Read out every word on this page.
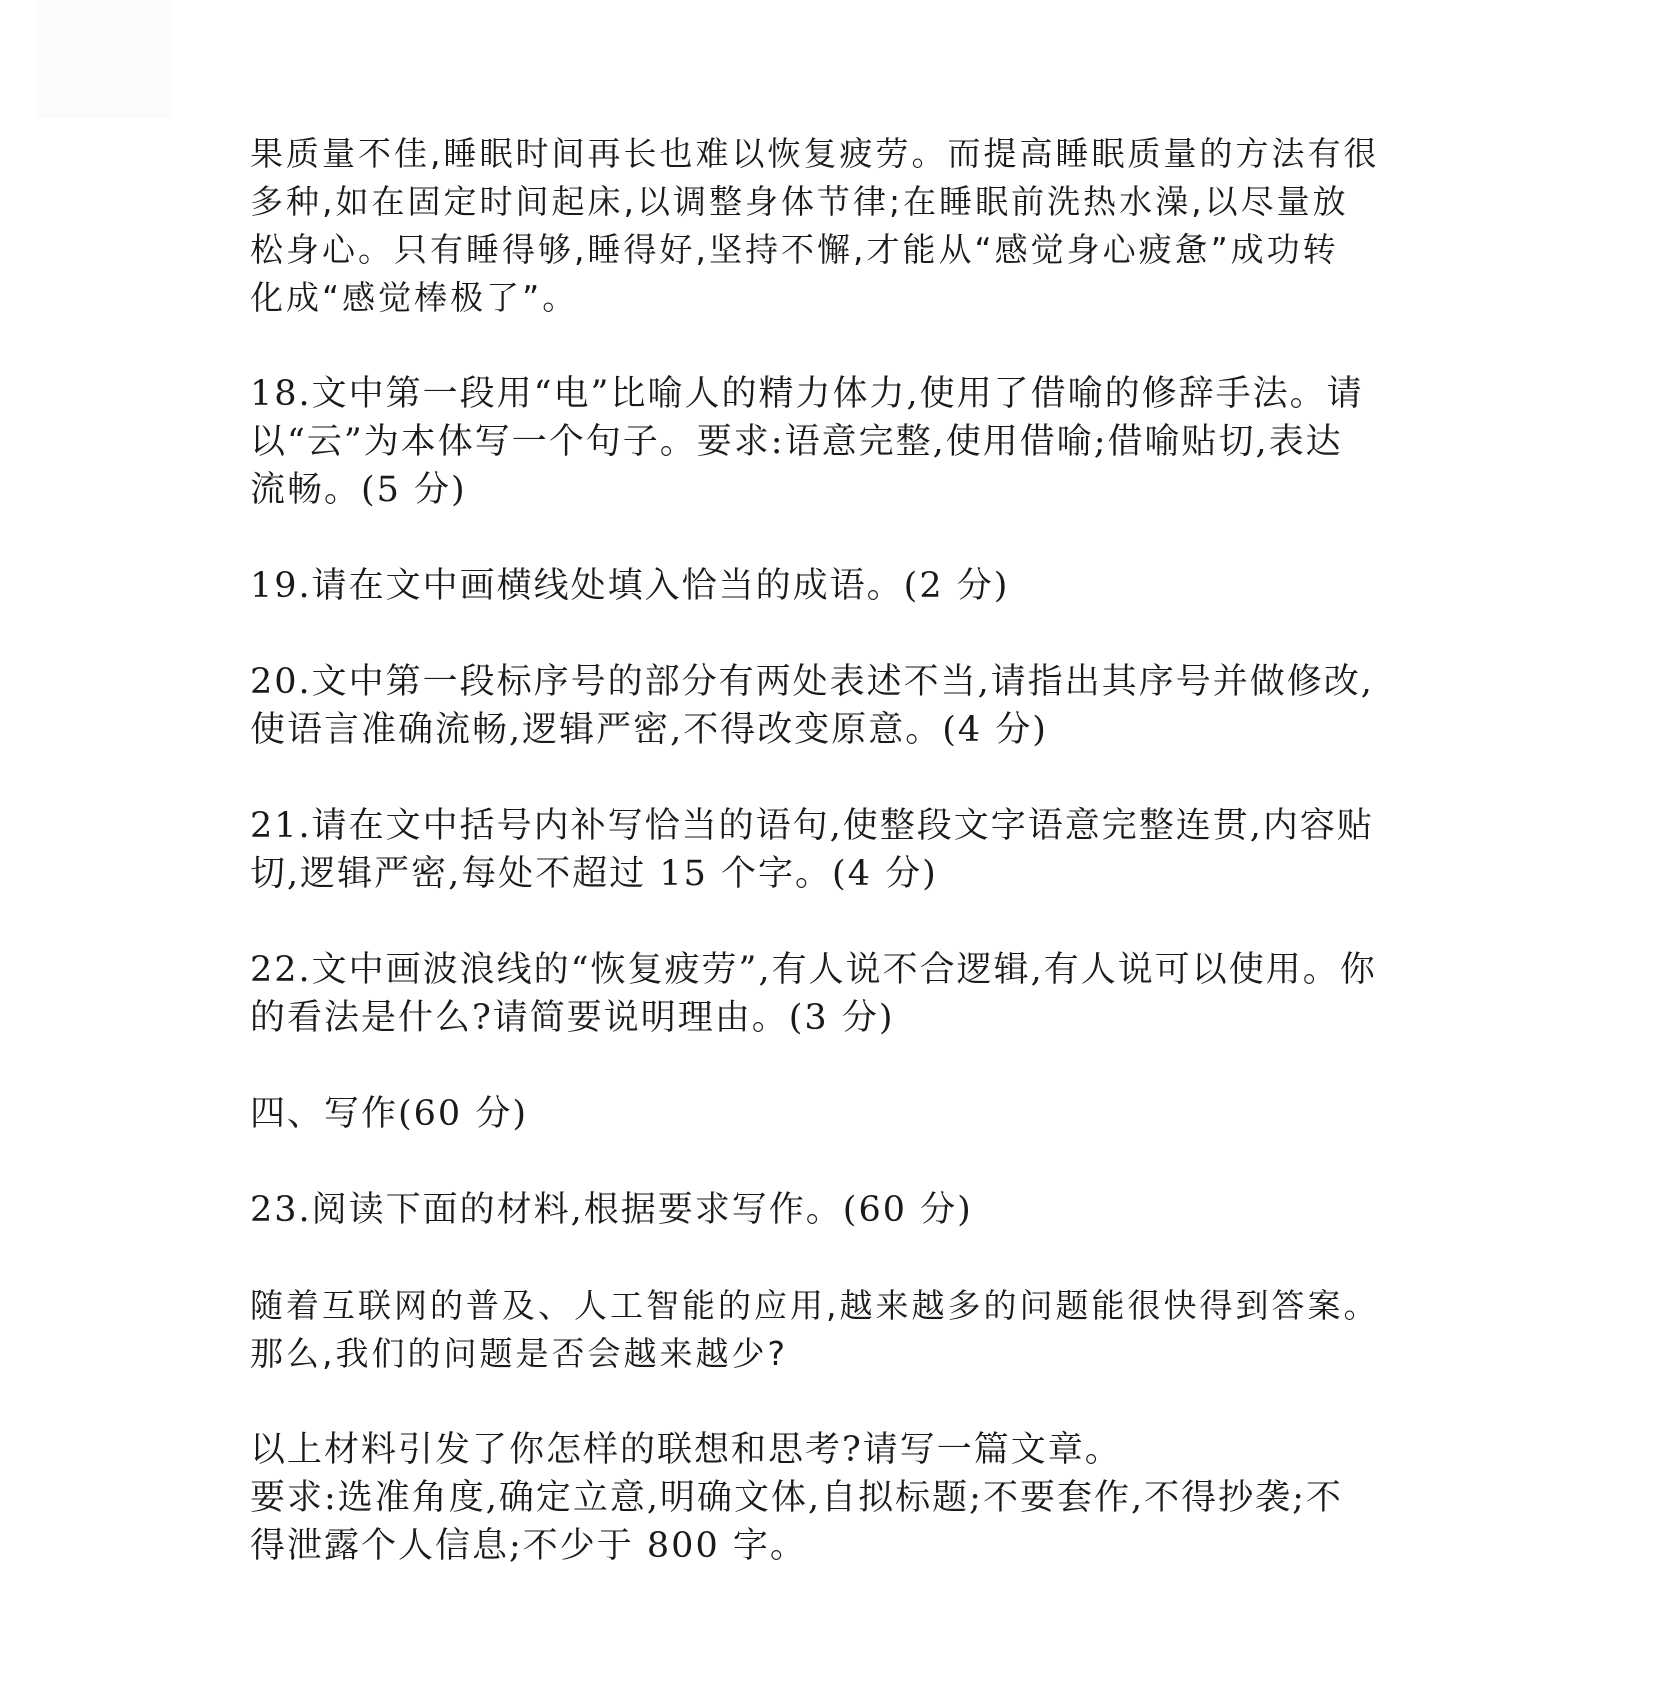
果质量不佳,睡眠时间再长也难以恢复疲劳。而提高睡眠质量的方法有很
多种,如在固定时间起床,以调整身体节律;在睡眠前洗热水澡,以尽量放
松身心。只有睡得够,睡得好,坚持不懈,才能从“感觉身心疲惫”成功转
化成“感觉棒极了”。

18.文中第一段用“电”比喻人的精力体力,使用了借喻的修辞手法。请
以“云”为本体写一个句子。要求:语意完整,使用借喻;借喻贴切,表达
流畅。(5 分)

19.请在文中画横线处填入恰当的成语。(2 分)

20.文中第一段标序号的部分有两处表述不当,请指出其序号并做修改,
使语言准确流畅,逻辑严密,不得改变原意。(4 分)

21.请在文中括号内补写恰当的语句,使整段文字语意完整连贯,内容贴
切,逻辑严密,每处不超过 15 个字。(4 分)

22.文中画波浪线的“恢复疲劳”,有人说不合逻辑,有人说可以使用。你
的看法是什么?请简要说明理由。(3 分)

四、写作(60 分)

23.阅读下面的材料,根据要求写作。(60 分)

随着互联网的普及、人工智能的应用,越来越多的问题能很快得到答案。
那么,我们的问题是否会越来越少?

以上材料引发了你怎样的联想和思考?请写一篇文章。
要求:选准角度,确定立意,明确文体,自拟标题;不要套作,不得抄袭;不
得泄露个人信息;不少于 800 字。
